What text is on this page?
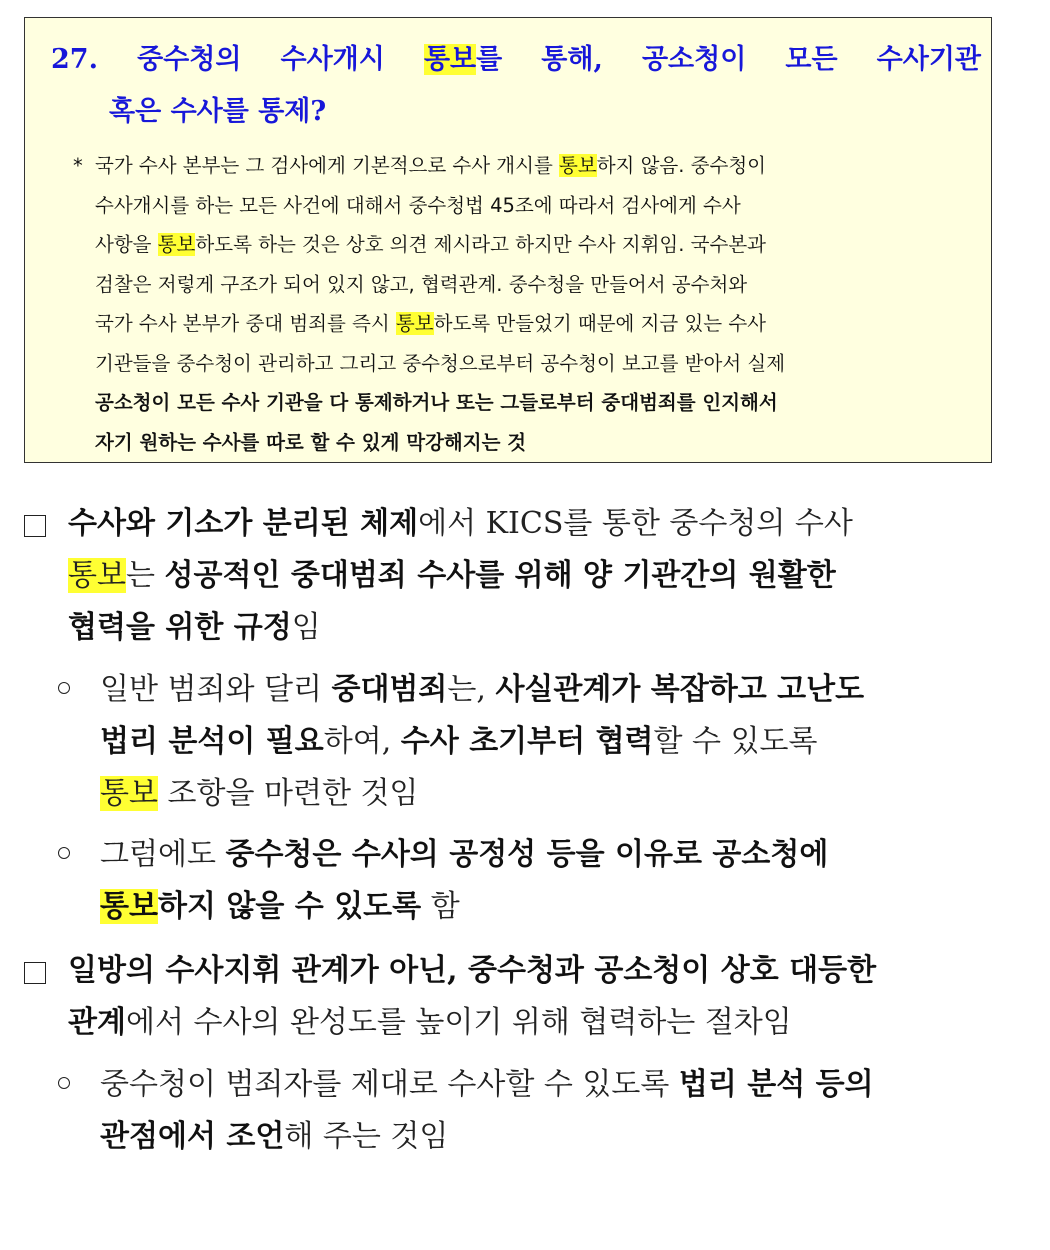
27. 중수청의 수사개시 통보를 통해, 공소청이 모든 수사기관
혹은 수사를 통제?
* 국가 수사 본부는 그 검사에게 기본적으로 수사 개시를 통보하지 않음. 중수청이
수사개시를 하는 모든 사건에 대해서 중수청법 45조에 따라서 검사에게 수사
사항을 통보하도록 하는 것은 상호 의견 제시라고 하지만 수사 지휘임. 국수본과
검찰은 저렇게 구조가 되어 있지 않고, 협력관계. 중수청을 만들어서 공수처와
국가 수사 본부가 중대 범죄를 즉시 통보하도록 만들었기 때문에 지금 있는 수사
기관들을 중수청이 관리하고 그리고 중수청으로부터 공수청이 보고를 받아서 실제
공소청이 모든 수사 기관을 다 통제하거나 또는 그들로부터 중대범죄를 인지해서
자기 원하는 수사를 따로 할 수 있게 막강해지는 것
수사와 기소가 분리된 체제에서 KICS를 통한 중수청의 수사
통보는 성공적인 중대범죄 수사를 위해 양 기관간의 원활한
협력을 위한 규정임
일반 범죄와 달리 중대범죄는, 사실관계가 복잡하고 고난도
법리 분석이 필요하여, 수사 초기부터 협력할 수 있도록
통보 조항을 마련한 것임
그럼에도 중수청은 수사의 공정성 등을 이유로 공소청에
통보하지 않을 수 있도록 함
일방의 수사지휘 관계가 아닌, 중수청과 공소청이 상호 대등한
관계에서 수사의 완성도를 높이기 위해 협력하는 절차임
중수청이 범죄자를 제대로 수사할 수 있도록 법리 분석 등의
관점에서 조언해 주는 것임
